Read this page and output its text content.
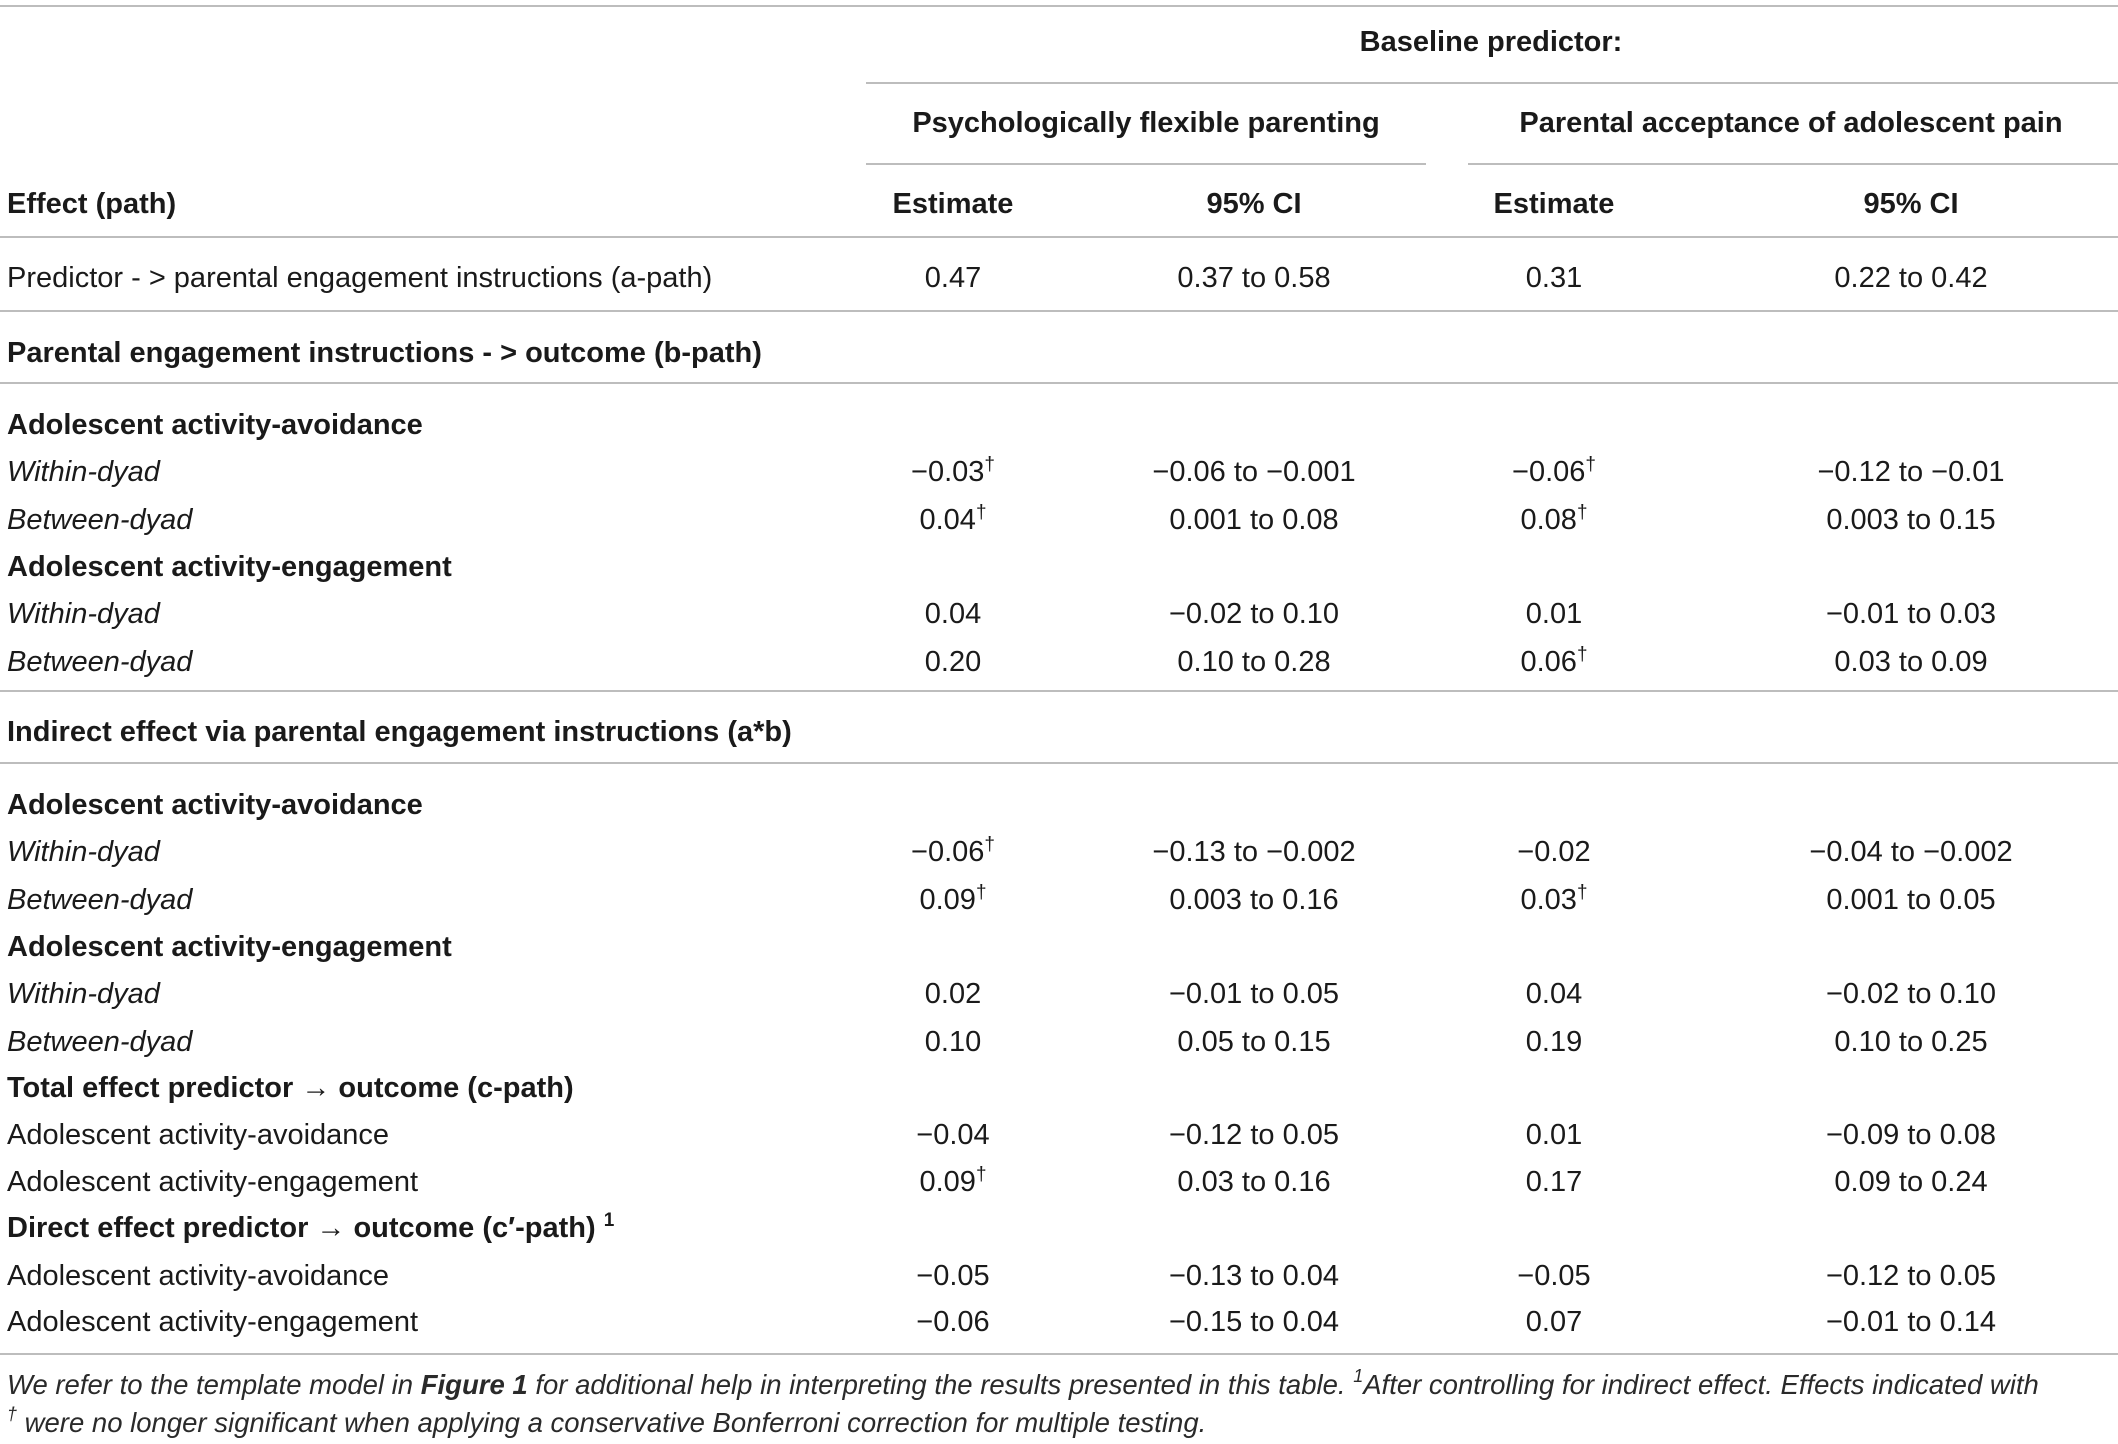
Baseline predictor:
Psychologically flexible parenting	Parental acceptance of adolescent pain
Effect (path)	Estimate	95% CI	Estimate	95% CI
Predictor - > parental engagement instructions (a-path)	0.47	0.37 to 0.58	0.31	0.22 to 0.42
Parental engagement instructions - > outcome (b-path)
Adolescent activity-avoidance
Within-dyad	−0.03†	−0.06 to −0.001	−0.06†	−0.12 to −0.01
Between-dyad	0.04†	0.001 to 0.08	0.08†	0.003 to 0.15
Adolescent activity-engagement
Within-dyad	0.04	−0.02 to 0.10	0.01	−0.01 to 0.03
Between-dyad	0.20	0.10 to 0.28	0.06†	0.03 to 0.09
Indirect effect via parental engagement instructions (a*b)
Adolescent activity-avoidance
Within-dyad	−0.06†	−0.13 to −0.002	−0.02	−0.04 to −0.002
Between-dyad	0.09†	0.003 to 0.16	0.03†	0.001 to 0.05
Adolescent activity-engagement
Within-dyad	0.02	−0.01 to 0.05	0.04	−0.02 to 0.10
Between-dyad	0.10	0.05 to 0.15	0.19	0.10 to 0.25
Total effect predictor → outcome (c-path)
Adolescent activity-avoidance	−0.04	−0.12 to 0.05	0.01	−0.09 to 0.08
Adolescent activity-engagement	0.09†	0.03 to 0.16	0.17	0.09 to 0.24
Direct effect predictor → outcome (c′-path) $^1$
Adolescent activity-avoidance	−0.05	−0.13 to 0.04	−0.05	−0.12 to 0.05
Adolescent activity-engagement	−0.06	−0.15 to 0.04	0.07	−0.01 to 0.14
We refer to the template model in Figure 1 for additional help in interpreting the results presented in this table. $^1$After controlling for indirect effect. Effects indicated with
† were no longer significant when applying a conservative Bonferroni correction for multiple testing.
